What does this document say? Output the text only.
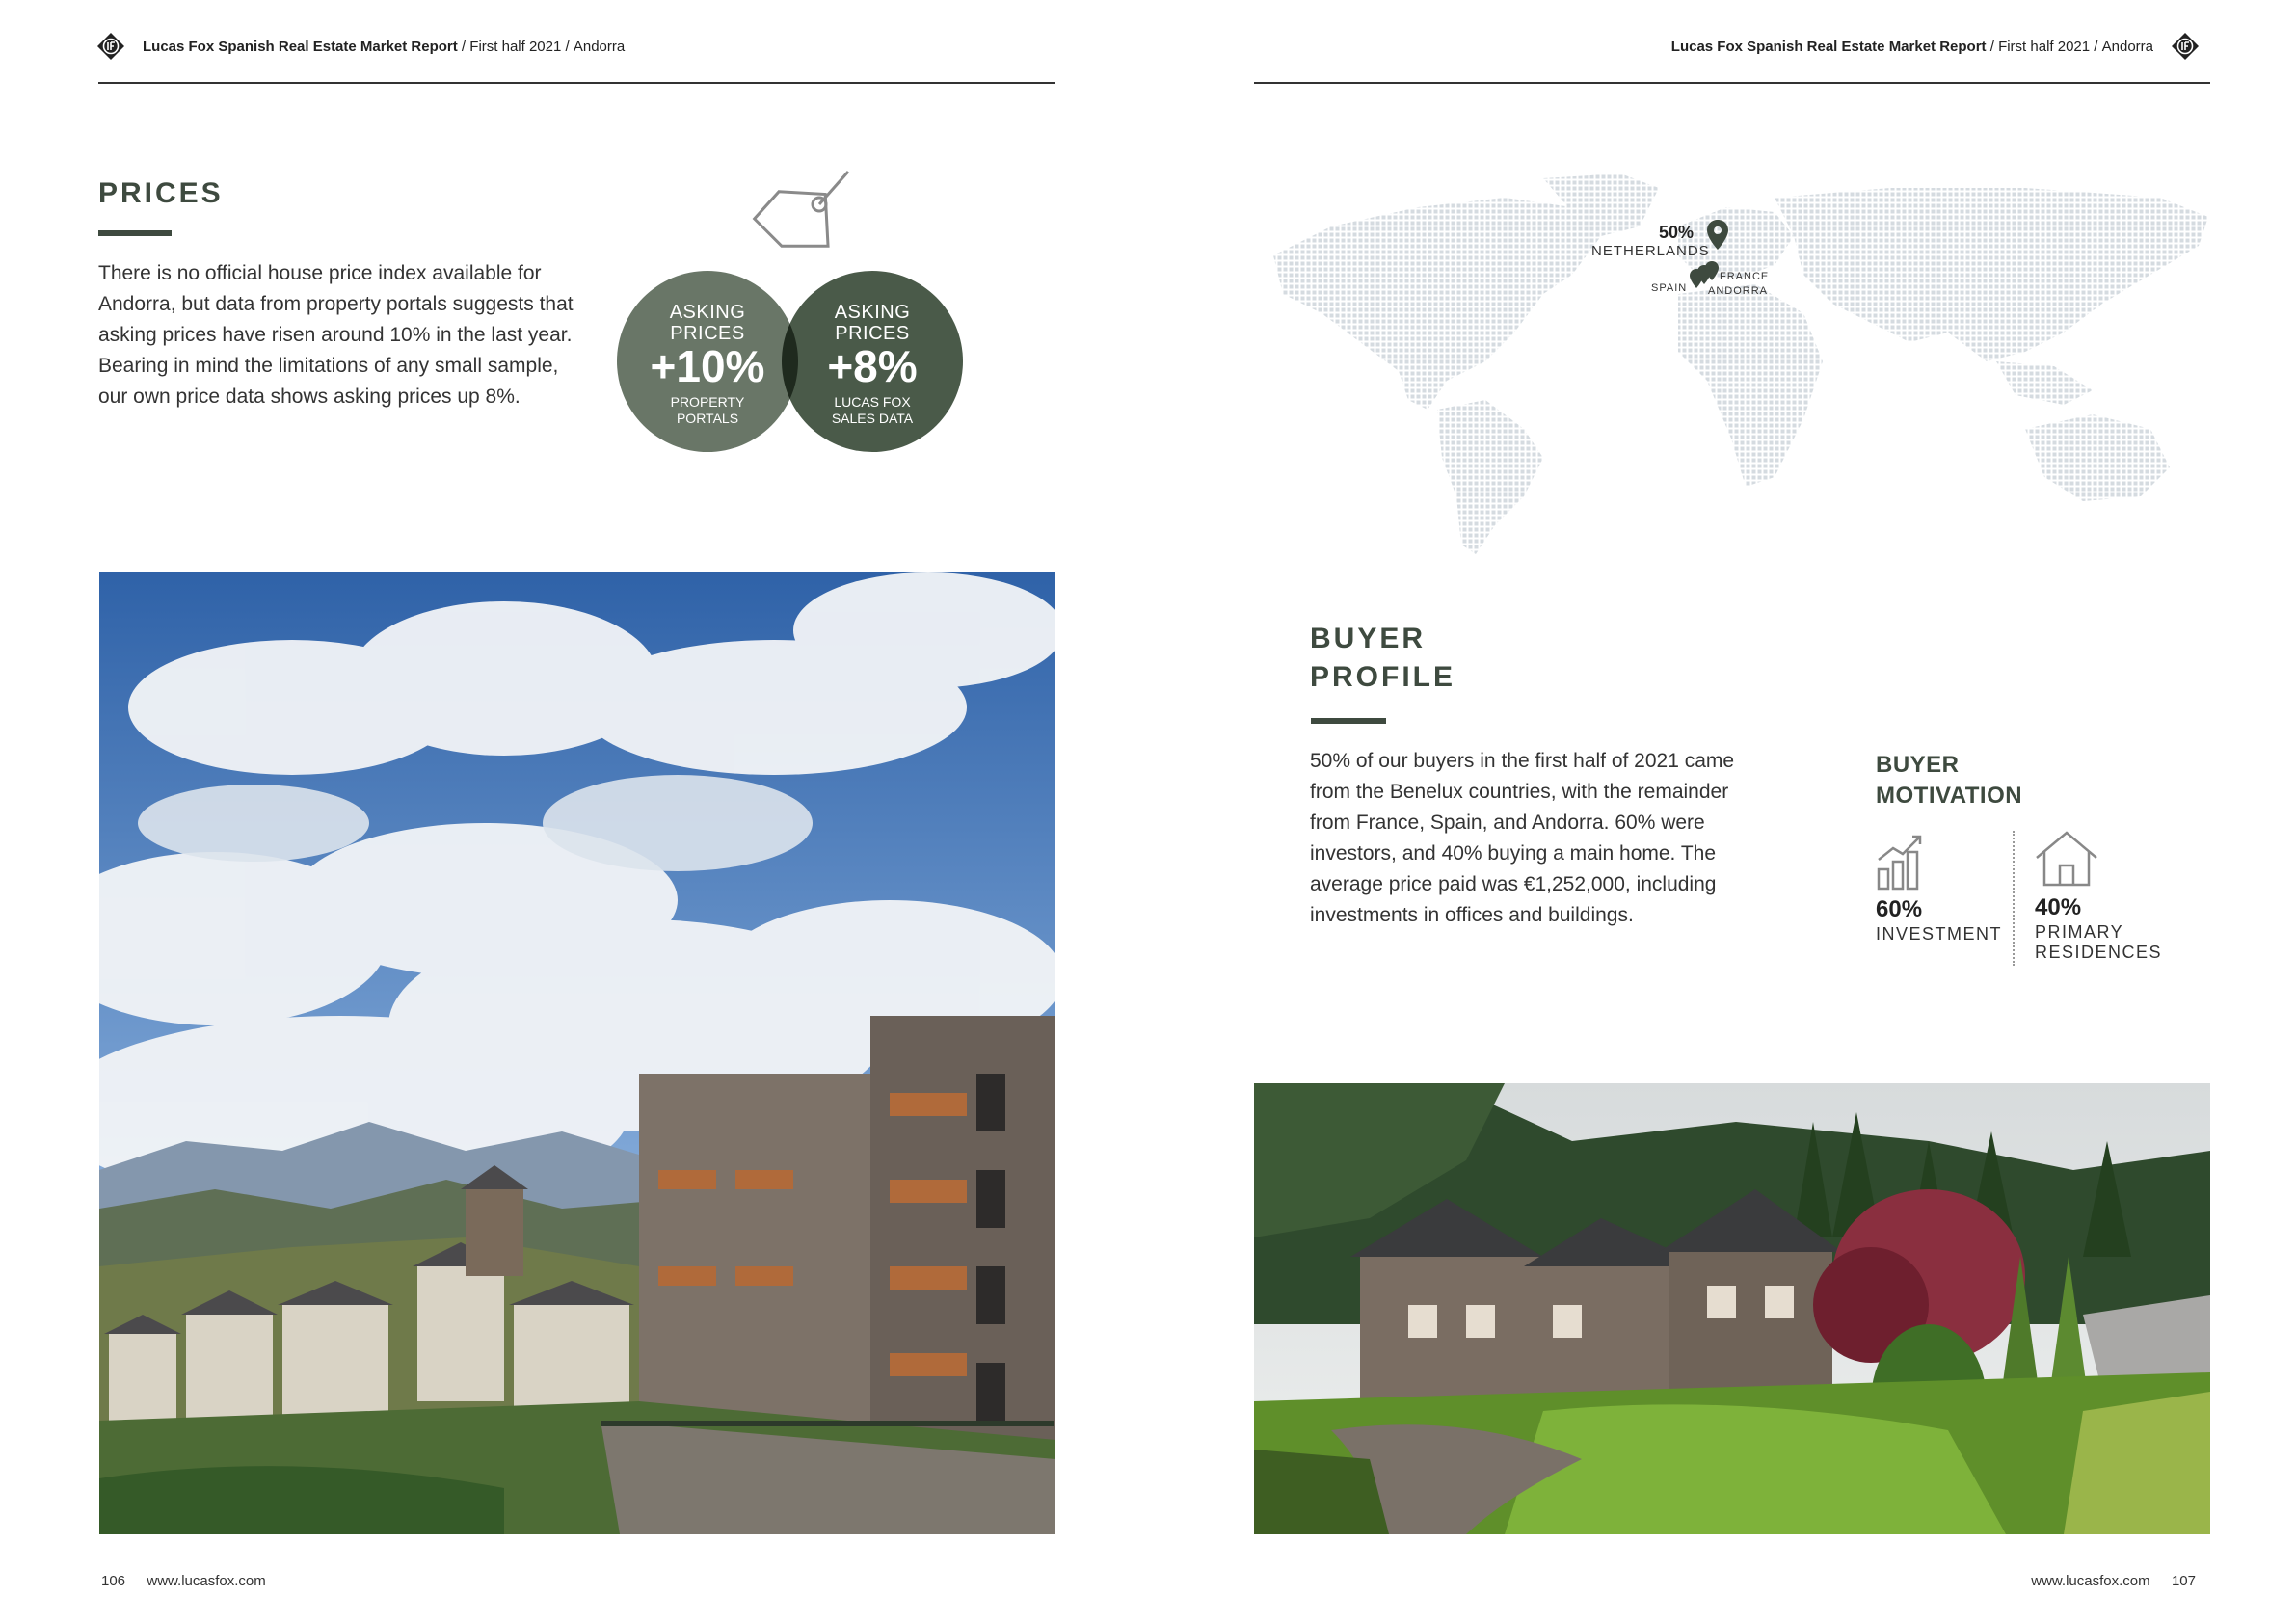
Lucas Fox Spanish Real Estate Market Report / First half 2021 / Andorra
PRICES
There is no official house price index available for Andorra, but data from property portals suggests that asking prices have risen around 10% in the last year. Bearing in mind the limitations of any small sample, our own price data shows asking prices up 8%.
ASKING PRICES
+10%
PROPERTY PORTALS
ASKING PRICES
+8%
LUCAS FOX SALES DATA
106 www.lucasfox.com
Lucas Fox Spanish Real Estate Market Report / First half 2021 / Andorra
50%
NETHERLANDS
SPAIN
FRANCE
ANDORRA
BUYER
PROFILE
50% of our buyers in the first half of 2021 came from the Benelux countries, with the remainder from France, Spain, and Andorra. 60% were investors, and 40% buying a main home. The average price paid was €1,252,000, including investments in offices and buildings.
BUYER
MOTIVATION
60%
INVESTMENT
40%
PRIMARY
RESIDENCES
www.lucasfox.com 107
